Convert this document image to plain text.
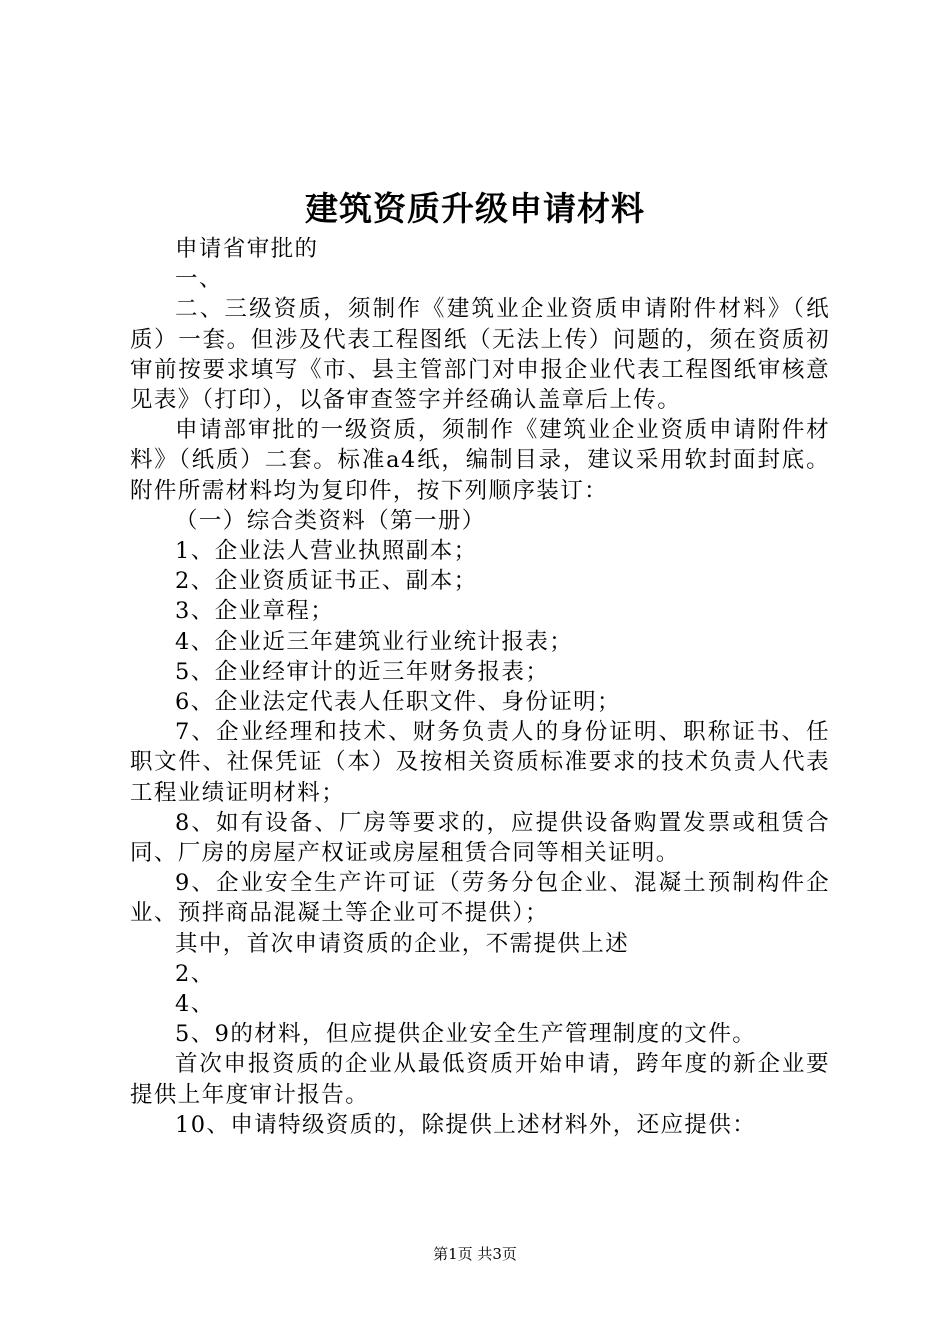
建筑资质升级申请材料

申请省审批的

一、

二、三级资质，须制作《建筑业企业资质申请附件材料》（纸质）一套。但涉及代表工程图纸（无法上传）问题的，须在资质初审前按要求填写《市、县主管部门对申报企业代表工程图纸审核意见表》（打印），以备审查签字并经确认盖章后上传。

申请部审批的一级资质，须制作《建筑业企业资质申请附件材料》（纸质）二套。标准a4纸，编制目录，建议采用软封面封底。附件所需材料均为复印件，按下列顺序装订：

（一）综合类资料（第一册）

1、企业法人营业执照副本；

2、企业资质证书正、副本；

3、企业章程；

4、企业近三年建筑业行业统计报表；

5、企业经审计的近三年财务报表；

6、企业法定代表人任职文件、身份证明；

7、企业经理和技术、财务负责人的身份证明、职称证书、任职文件、社保凭证（本）及按相关资质标准要求的技术负责人代表工程业绩证明材料；

8、如有设备、厂房等要求的，应提供设备购置发票或租赁合同、厂房的房屋产权证或房屋租赁合同等相关证明。

9、企业安全生产许可证（劳务分包企业、混凝土预制构件企业、预拌商品混凝土等企业可不提供）；

其中，首次申请资质的企业，不需提供上述

2、

4、

5、9的材料，但应提供企业安全生产管理制度的文件。

首次申报资质的企业从最低资质开始申请，跨年度的新企业要提供上年度审计报告。

10、申请特级资质的，除提供上述材料外，还应提供：

第1页 共3页
